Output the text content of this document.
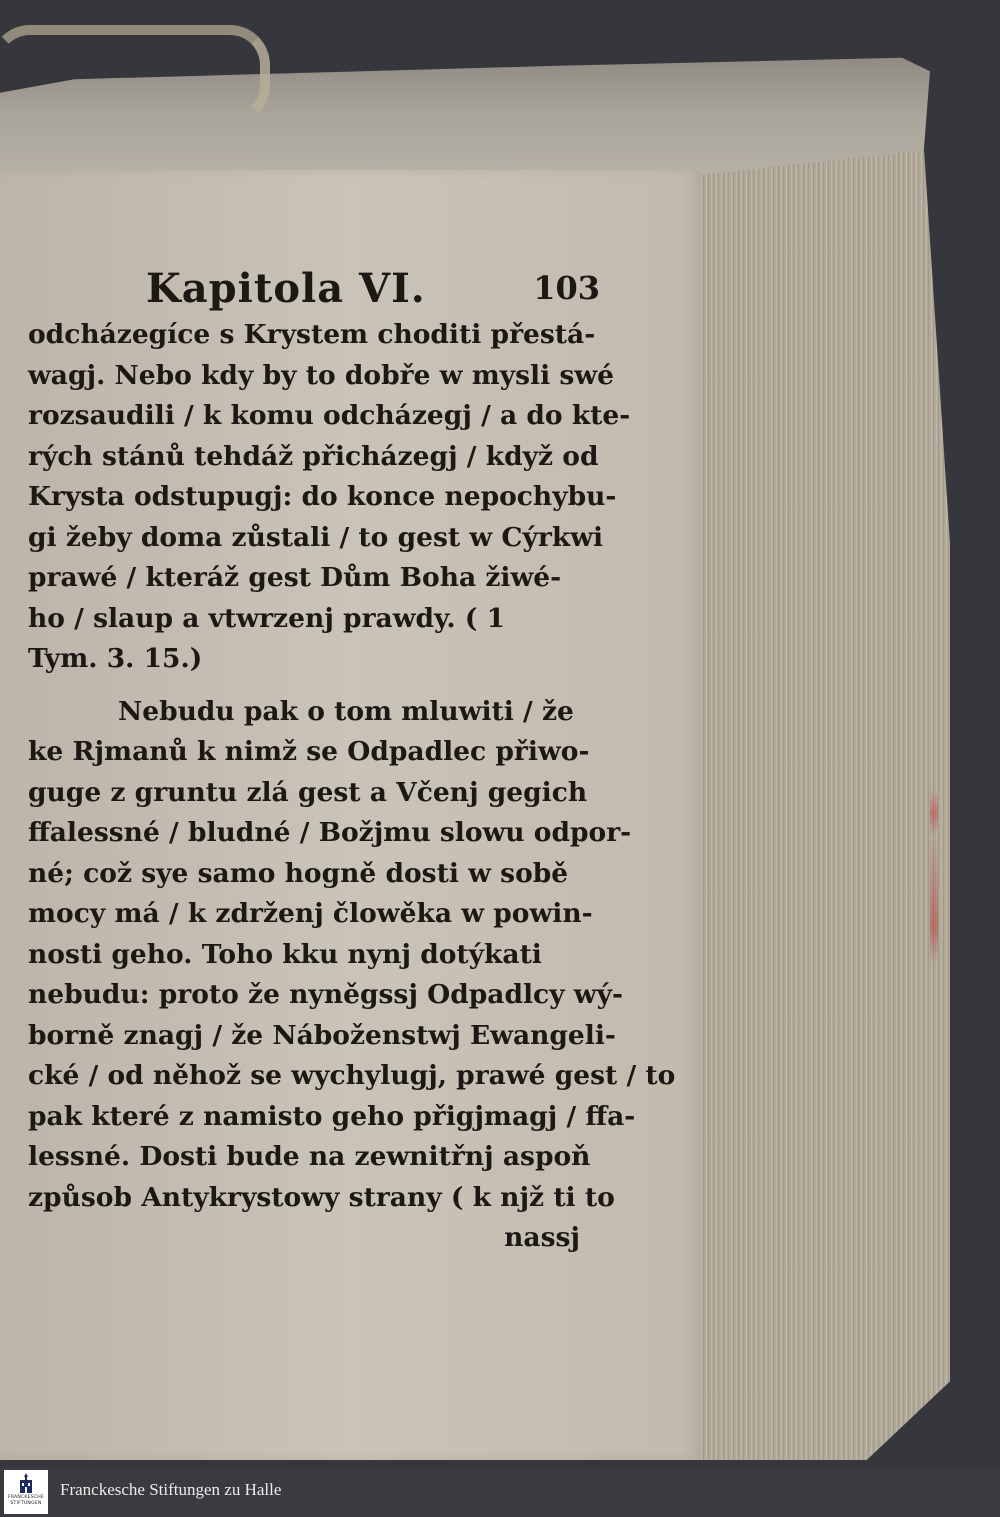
Kapitola VI.	103
odcházegíce s Krystem choditi přestá-
wagj. Nebo kdy by to dobře w mysli swé
rozsaudili / k komu odcházegj / a do kte-
rých stánů tehdáž přicházegj / když od
Krysta odstupugj: do konce nepochybu-
gi žeby doma zůstali / to gest w Cýrkwi
prawé / kteráž gest Dům Boha žiwé-
ho / slaup a vtwrzenj prawdy. ( 1
Tym. 3. 15.)
Nebudu pak o tom mluwiti / že
ke Rjmanů k nimž se Odpadlec přiwo-
guge z gruntu zlá gest a Včenj gegich
ffalessné / bludné / Božjmu slowu odpor-
né; což sye samo hogně dosti w sobě
mocy má / k zdrženj člowěka w powin-
nosti geho. Toho kku nynj dotýkati
nebudu: proto že nyněgssj Odpadlcy wý-
borně znagj / že Náboženstwj Ewangeli-
cké / od něhož se wychylugj, prawé gest / to
pak které z namisto geho přigjmagj / ffa-
lessné. Dosti bude na zewnitřnj aspoň
způsob Antykrystowy strany ( k njž ti to
nassj
FRANCKESCHE STIFTUNGEN
Franckesche Stiftungen zu Halle
